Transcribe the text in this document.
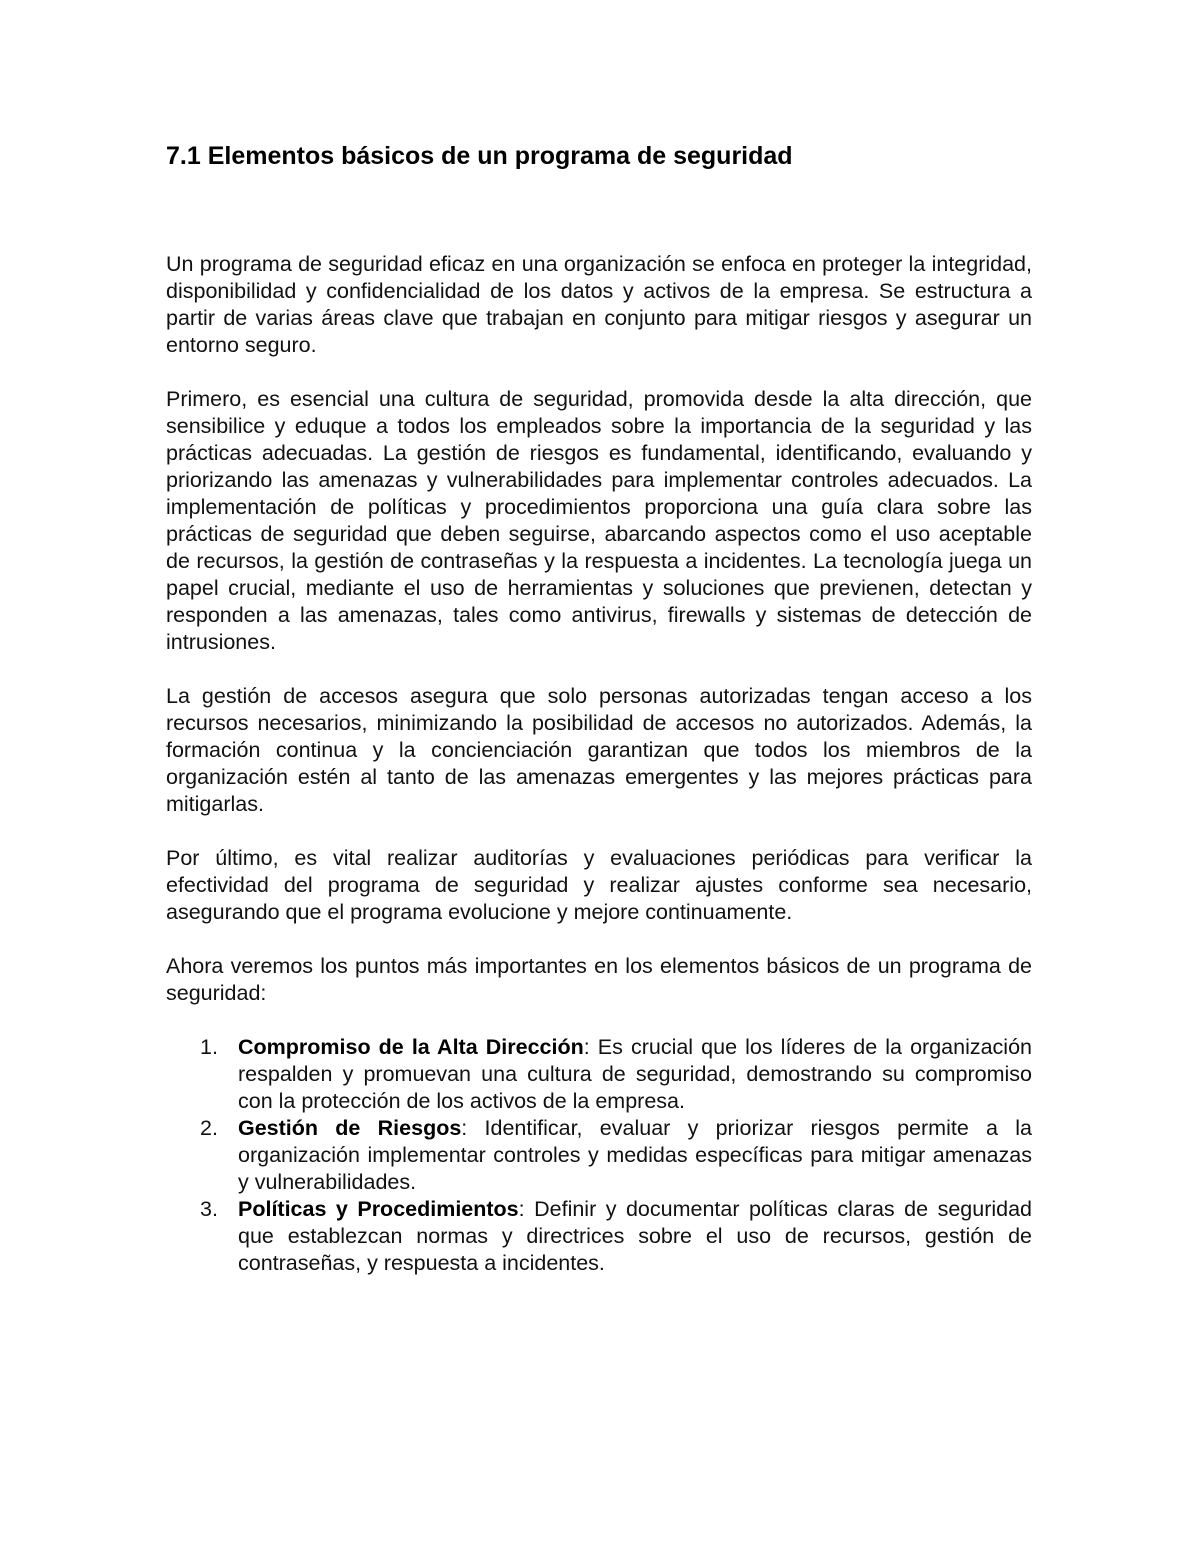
7.1 Elementos básicos de un programa de seguridad

Un programa de seguridad eficaz en una organización se enfoca en proteger la integridad, disponibilidad y confidencialidad de los datos y activos de la empresa. Se estructura a partir de varias áreas clave que trabajan en conjunto para mitigar riesgos y asegurar un entorno seguro.

Primero, es esencial una cultura de seguridad, promovida desde la alta dirección, que sensibilice y eduque a todos los empleados sobre la importancia de la seguridad y las prácticas adecuadas. La gestión de riesgos es fundamental, identificando, evaluando y priorizando las amenazas y vulnerabilidades para implementar controles adecuados. La implementación de políticas y procedimientos proporciona una guía clara sobre las prácticas de seguridad que deben seguirse, abarcando aspectos como el uso aceptable de recursos, la gestión de contraseñas y la respuesta a incidentes. La tecnología juega un papel crucial, mediante el uso de herramientas y soluciones que previenen, detectan y responden a las amenazas, tales como antivirus, firewalls y sistemas de detección de intrusiones.

La gestión de accesos asegura que solo personas autorizadas tengan acceso a los recursos necesarios, minimizando la posibilidad de accesos no autorizados. Además, la formación continua y la concienciación garantizan que todos los miembros de la organización estén al tanto de las amenazas emergentes y las mejores prácticas para mitigarlas.

Por último, es vital realizar auditorías y evaluaciones periódicas para verificar la efectividad del programa de seguridad y realizar ajustes conforme sea necesario, asegurando que el programa evolucione y mejore continuamente.

Ahora veremos los puntos más importantes en los elementos básicos de un programa de seguridad:

1. Compromiso de la Alta Dirección: Es crucial que los líderes de la organización respalden y promuevan una cultura de seguridad, demostrando su compromiso con la protección de los activos de la empresa.
2. Gestión de Riesgos: Identificar, evaluar y priorizar riesgos permite a la organización implementar controles y medidas específicas para mitigar amenazas y vulnerabilidades.
3. Políticas y Procedimientos: Definir y documentar políticas claras de seguridad que establezcan normas y directrices sobre el uso de recursos, gestión de contraseñas, y respuesta a incidentes.
